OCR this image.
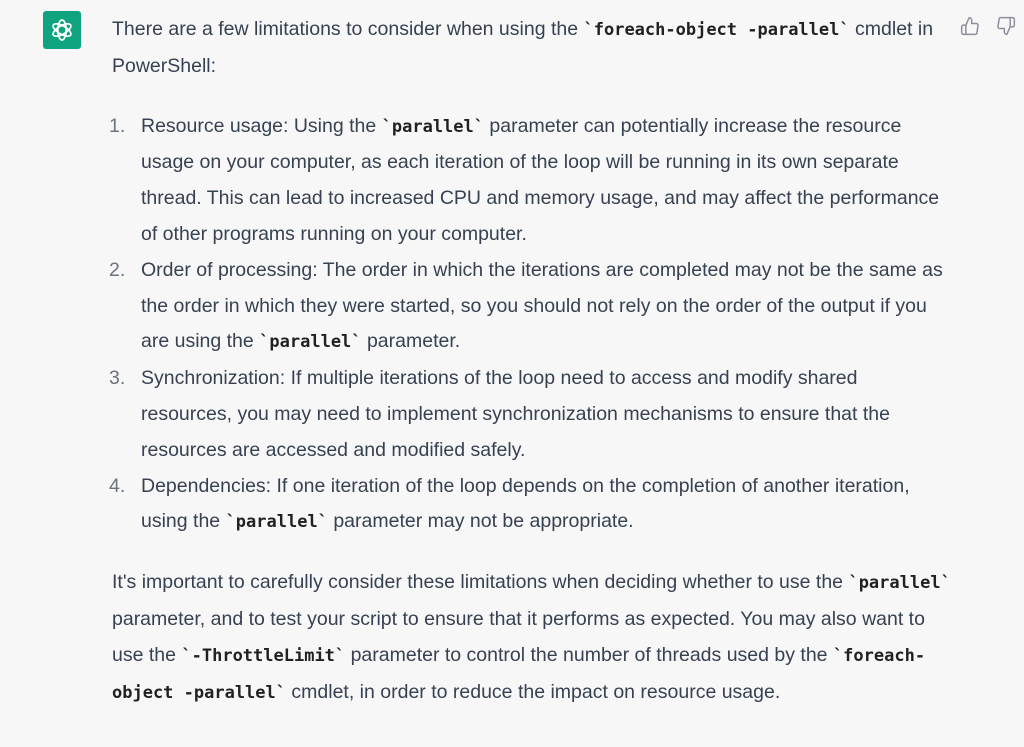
There are a few limitations to consider when using the `foreach-object -parallel` cmdlet in PowerShell:

1. Resource usage: Using the `parallel` parameter can potentially increase the resource usage on your computer, as each iteration of the loop will be running in its own separate thread. This can lead to increased CPU and memory usage, and may affect the performance of other programs running on your computer.
2. Order of processing: The order in which the iterations are completed may not be the same as the order in which they were started, so you should not rely on the order of the output if you are using the `parallel` parameter.
3. Synchronization: If multiple iterations of the loop need to access and modify shared resources, you may need to implement synchronization mechanisms to ensure that the resources are accessed and modified safely.
4. Dependencies: If one iteration of the loop depends on the completion of another iteration, using the `parallel` parameter may not be appropriate.

It's important to carefully consider these limitations when deciding whether to use the `parallel` parameter, and to test your script to ensure that it performs as expected. You may also want to use the `-ThrottleLimit` parameter to control the number of threads used by the `foreach-object -parallel` cmdlet, in order to reduce the impact on resource usage.
